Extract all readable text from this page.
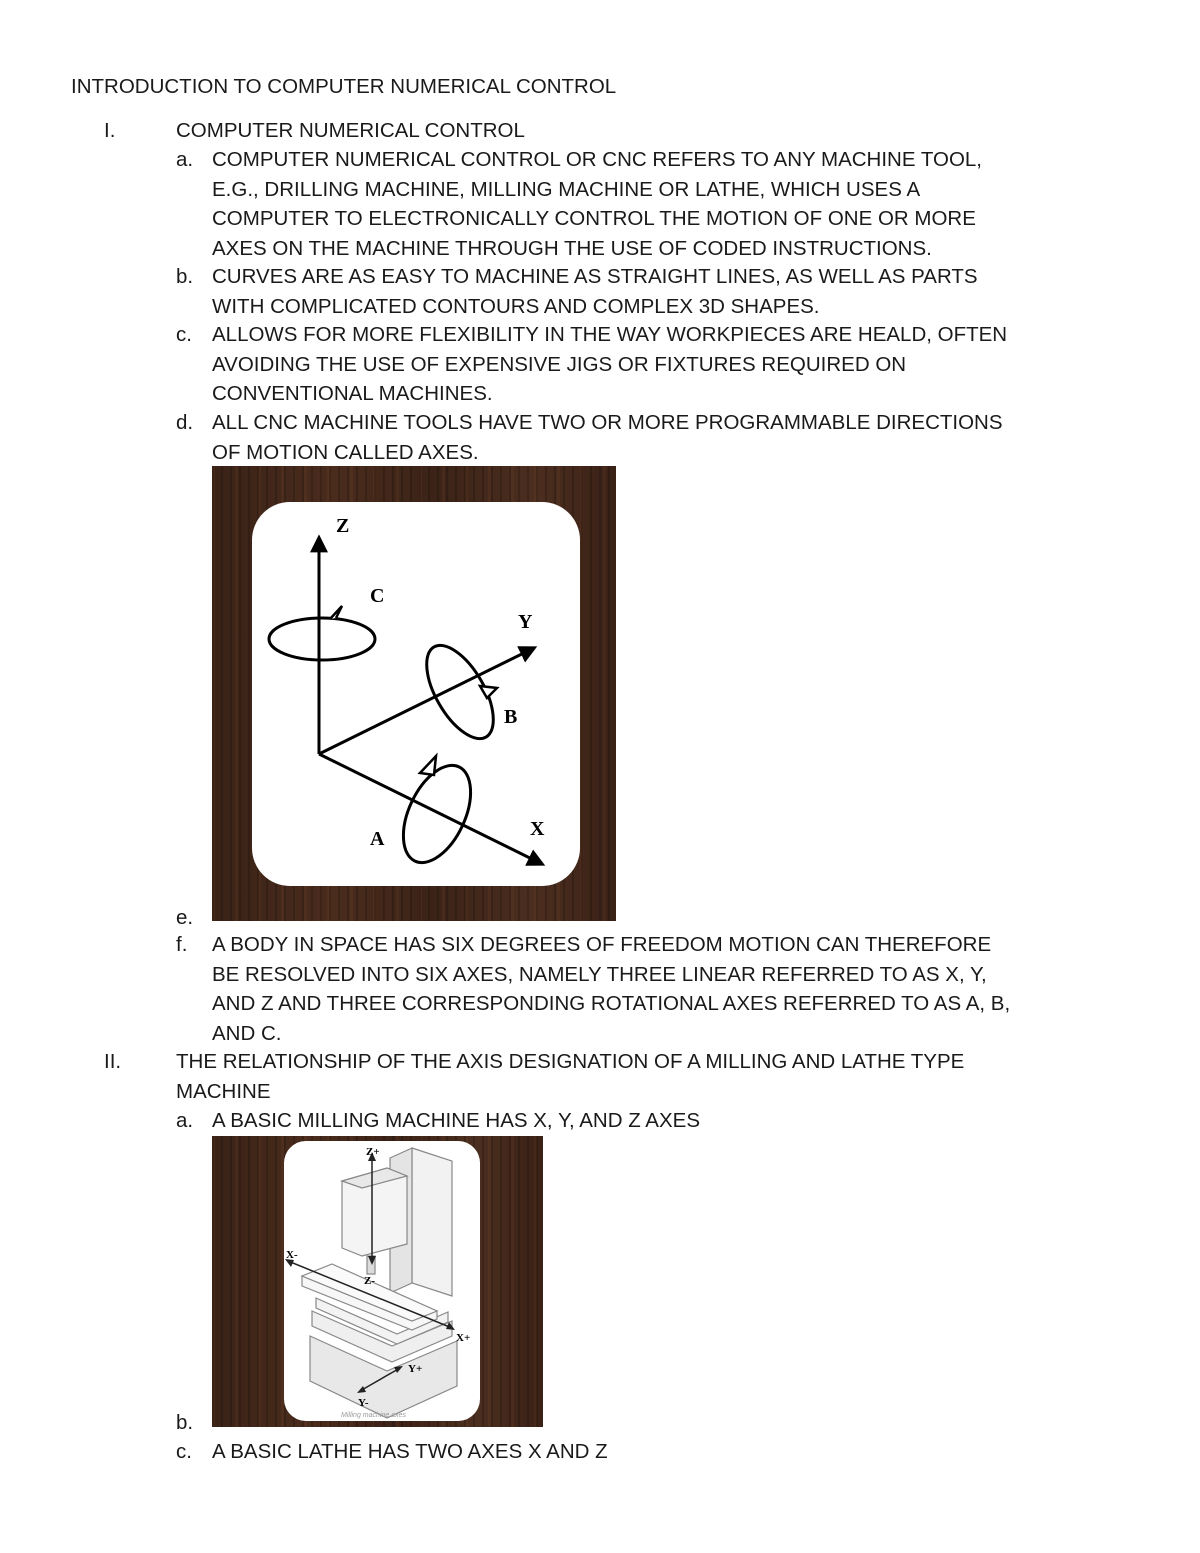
INTRODUCTION TO COMPUTER NUMERICAL CONTROL
I.	COMPUTER NUMERICAL CONTROL
a. COMPUTER NUMERICAL CONTROL OR CNC REFERS TO ANY MACHINE TOOL,
E.G., DRILLING MACHINE, MILLING MACHINE OR LATHE, WHICH USES A
COMPUTER TO ELECTRONICALLY CONTROL THE MOTION OF ONE OR MORE
AXES ON THE MACHINE THROUGH THE USE OF CODED INSTRUCTIONS.
b. CURVES ARE AS EASY TO MACHINE AS STRAIGHT LINES, AS WELL AS PARTS
WITH COMPLICATED CONTOURS AND COMPLEX 3D SHAPES.
c. ALLOWS FOR MORE FLEXIBILITY IN THE WAY WORKPIECES ARE HEALD, OFTEN
AVOIDING THE USE OF EXPENSIVE JIGS OR FIXTURES REQUIRED ON
CONVENTIONAL MACHINES.
d. ALL CNC MACHINE TOOLS HAVE TWO OR MORE PROGRAMMABLE DIRECTIONS
OF MOTION CALLED AXES.
Z
Y
X
C
B
A
e.
f. A BODY IN SPACE HAS SIX DEGREES OF FREEDOM MOTION CAN THEREFORE
BE RESOLVED INTO SIX AXES, NAMELY THREE LINEAR REFERRED TO AS X, Y,
AND Z AND THREE CORRESPONDING ROTATIONAL AXES REFERRED TO AS A, B,
AND C.
II.	THE RELATIONSHIP OF THE AXIS DESIGNATION OF A MILLING AND LATHE TYPE
MACHINE
a. A BASIC MILLING MACHINE HAS X, Y, AND Z AXES
Z+
Z-
X-
X+
Y+
Y-
Milling machine axes
b.
c. A BASIC LATHE HAS TWO AXES X AND Z
